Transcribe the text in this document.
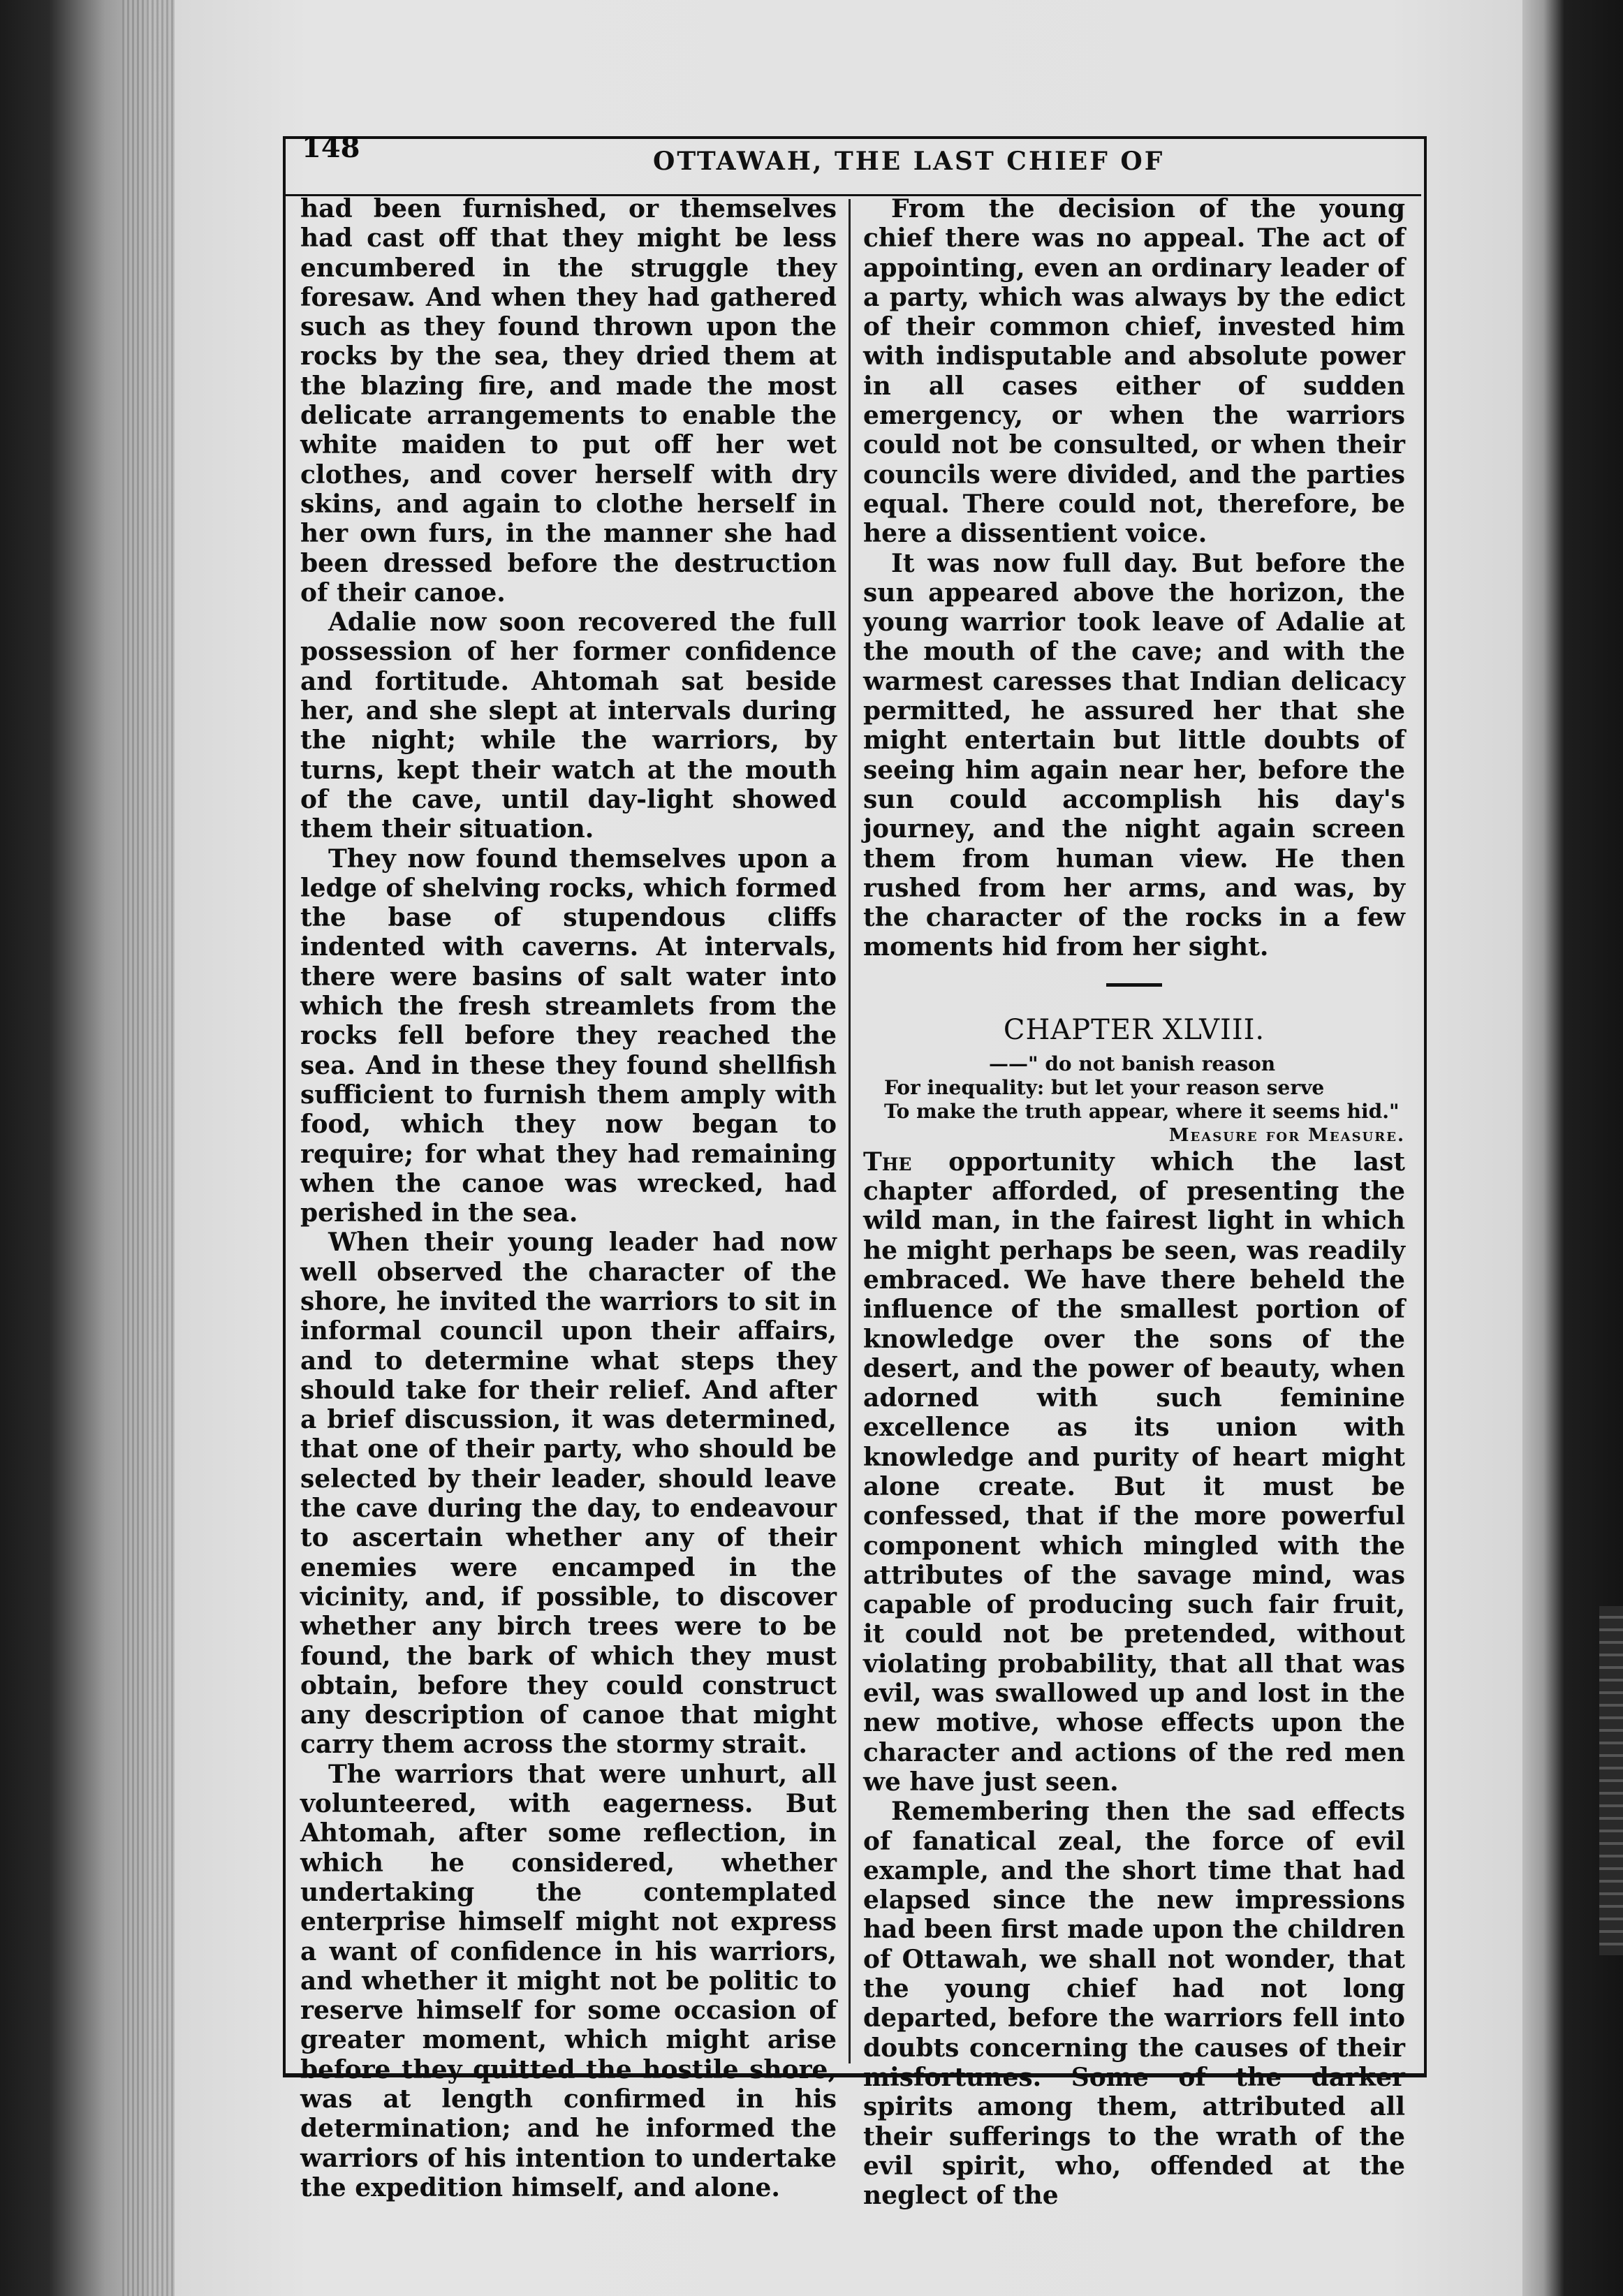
148	OTTAWAH, THE LAST CHIEF OF

had been furnished, or themselves had cast off that they might be less encumbered in the struggle they foresaw. And when they had gathered such as they found thrown upon the rocks by the sea, they dried them at the blazing fire, and made the most delicate arrangements to enable the white maiden to put off her wet clothes, and cover herself with dry skins, and again to clothe herself in her own furs, in the manner she had been dressed before the destruction of their canoe.

Adalie now soon recovered the full possession of her former confidence and fortitude. Ahtomah sat beside her, and she slept at intervals during the night; while the warriors, by turns, kept their watch at the mouth of the cave, until day-light showed them their situation.

They now found themselves upon a ledge of shelving rocks, which formed the base of stupendous cliffs indented with caverns. At intervals, there were basins of salt water into which the fresh streamlets from the rocks fell before they reached the sea. And in these they found shellfish sufficient to furnish them amply with food, which they now began to require; for what they had remaining when the canoe was wrecked, had perished in the sea.

When their young leader had now well observed the character of the shore, he invited the warriors to sit in informal council upon their affairs, and to determine what steps they should take for their relief. And after a brief discussion, it was determined, that one of their party, who should be selected by their leader, should leave the cave during the day, to endeavour to ascertain whether any of their enemies were encamped in the vicinity, and, if possible, to discover whether any birch trees were to be found, the bark of which they must obtain, before they could construct any description of canoe that might carry them across the stormy strait.

The warriors that were unhurt, all volunteered, with eagerness. But Ahtomah, after some reflection, in which he considered, whether undertaking the contemplated enterprise himself might not express a want of confidence in his warriors, and whether it might not be politic to reserve himself for some occasion of greater moment, which might arise before they quitted the hostile shore, was at length confirmed in his determination; and he informed the warriors of his intention to undertake the expedition himself, and alone.

From the decision of the young chief there was no appeal. The act of appointing, even an ordinary leader of a party, which was always by the edict of their common chief, invested him with indisputable and absolute power in all cases either of sudden emergency, or when the warriors could not be consulted, or when their councils were divided, and the parties equal. There could not, therefore, be here a dissentient voice.

It was now full day. But before the sun appeared above the horizon, the young warrior took leave of Adalie at the mouth of the cave; and with the warmest caresses that Indian delicacy permitted, he assured her that she might entertain but little doubts of seeing him again near her, before the sun could accomplish his day's journey, and the night again screen them from human view. He then rushed from her arms, and was, by the character of the rocks in a few moments hid from her sight.

CHAPTER XLVIII.

——" do not banish reason

For inequality: but let your reason serve

To make the truth appear, where it seems hid."

Measure for Measure.

The opportunity which the last chapter afforded, of presenting the wild man, in the fairest light in which he might perhaps be seen, was readily embraced. We have there beheld the influence of the smallest portion of knowledge over the sons of the desert, and the power of beauty, when adorned with such feminine excellence as its union with knowledge and purity of heart might alone create. But it must be confessed, that if the more powerful component which mingled with the attributes of the savage mind, was capable of producing such fair fruit, it could not be pretended, without violating probability, that all that was evil, was swallowed up and lost in the new motive, whose effects upon the character and actions of the red men we have just seen.

Remembering then the sad effects of fanatical zeal, the force of evil example, and the short time that had elapsed since the new impressions had been first made upon the children of Ottawah, we shall not wonder, that the young chief had not long departed, before the warriors fell into doubts concerning the causes of their misfortunes. Some of the darker spirits among them, attributed all their sufferings to the wrath of the evil spirit, who, offended at the neglect of the
